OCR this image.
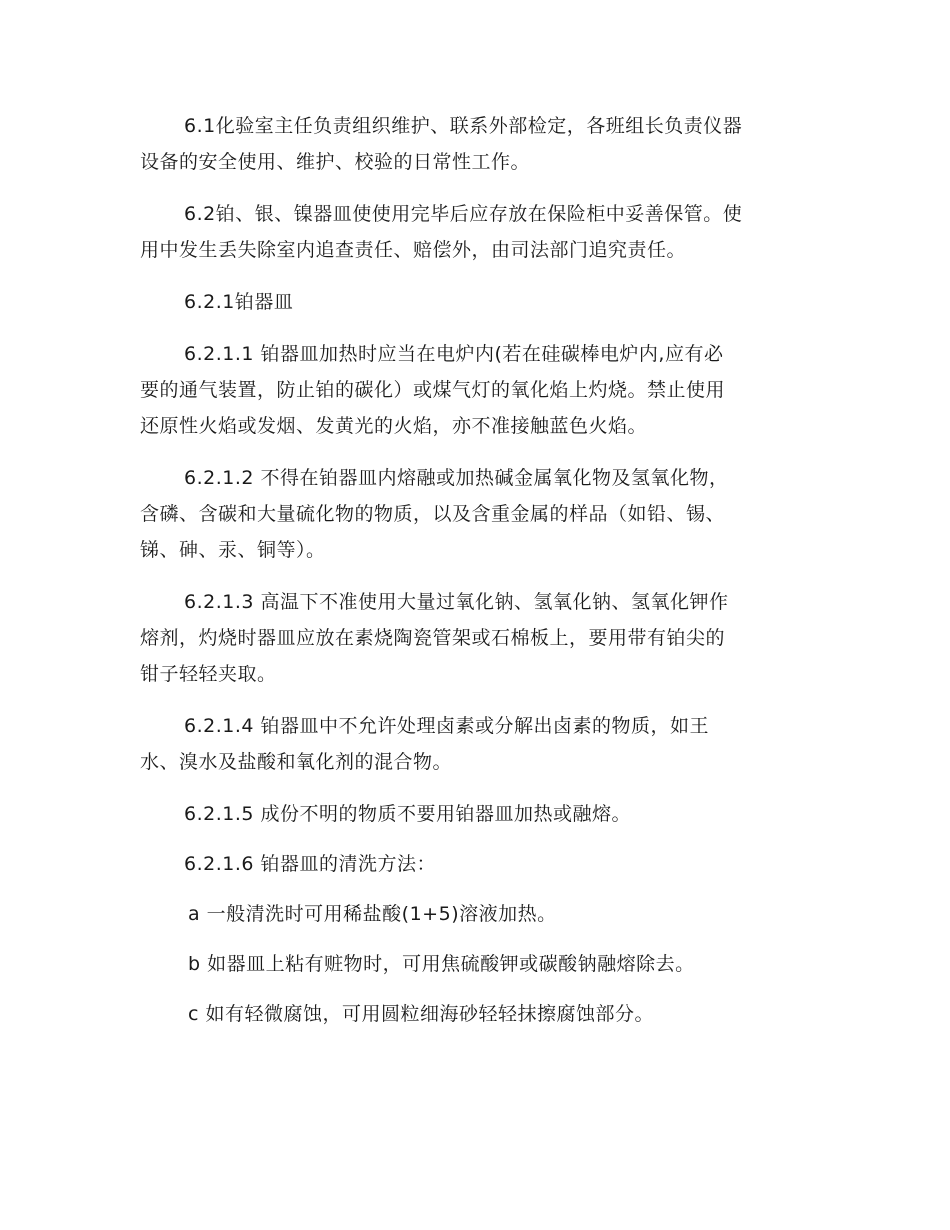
6.1化验室主任负责组织维护、联系外部检定，各班组长负责仪器
设备的安全使用、维护、校验的日常性工作。

6.2铂、银、镍器皿使使用完毕后应存放在保险柜中妥善保管。使
用中发生丢失除室内追查责任、赔偿外，由司法部门追究责任。

6.2.1铂器皿

6.2.1.1 铂器皿加热时应当在电炉内(若在硅碳棒电炉内,应有必
要的通气装置，防止铂的碳化）或煤气灯的氧化焰上灼烧。禁止使用
还原性火焰或发烟、发黄光的火焰，亦不准接触蓝色火焰。

6.2.1.2 不得在铂器皿内熔融或加热碱金属氧化物及氢氧化物，
含磷、含碳和大量硫化物的物质，以及含重金属的样品（如铅、锡、
锑、砷、汞、铜等）。

6.2.1.3 高温下不准使用大量过氧化钠、氢氧化钠、氢氧化钾作
熔剂，灼烧时器皿应放在素烧陶瓷管架或石棉板上，要用带有铂尖的
钳子轻轻夹取。

6.2.1.4 铂器皿中不允许处理卤素或分解出卤素的物质，如王
水、溴水及盐酸和氧化剂的混合物。

6.2.1.5 成份不明的物质不要用铂器皿加热或融熔。

6.2.1.6 铂器皿的清洗方法：

a 一般清洗时可用稀盐酸(1+5)溶液加热。

b 如器皿上粘有赃物时，可用焦硫酸钾或碳酸钠融熔除去。

c 如有轻微腐蚀，可用圆粒细海砂轻轻抹擦腐蚀部分。
